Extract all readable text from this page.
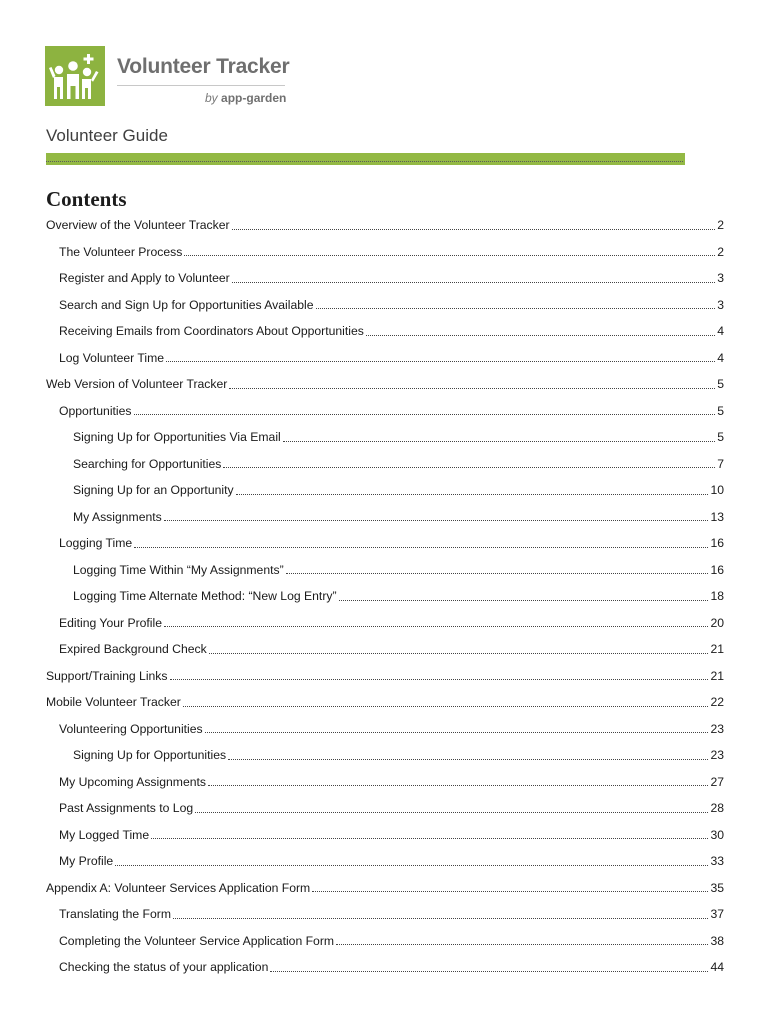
Volunteer Tracker
by app-garden
Volunteer Guide
Contents
Overview of the Volunteer Tracker	2
The Volunteer Process	2
Register and Apply to Volunteer	3
Search and Sign Up for Opportunities Available	3
Receiving Emails from Coordinators About Opportunities	4
Log Volunteer Time	4
Web Version of Volunteer Tracker	5
Opportunities	5
Signing Up for Opportunities Via Email	5
Searching for Opportunities	7
Signing Up for an Opportunity	10
My Assignments	13
Logging Time	16
Logging Time Within “My Assignments”	16
Logging Time Alternate Method: “New Log Entry”	18
Editing Your Profile	20
Expired Background Check	21
Support/Training Links	21
Mobile Volunteer Tracker	22
Volunteering Opportunities	23
Signing Up for Opportunities	23
My Upcoming Assignments	27
Past Assignments to Log	28
My Logged Time	30
My Profile	33
Appendix A: Volunteer Services Application Form	35
Translating the Form	37
Completing the Volunteer Service Application Form	38
Checking the status of your application	44
